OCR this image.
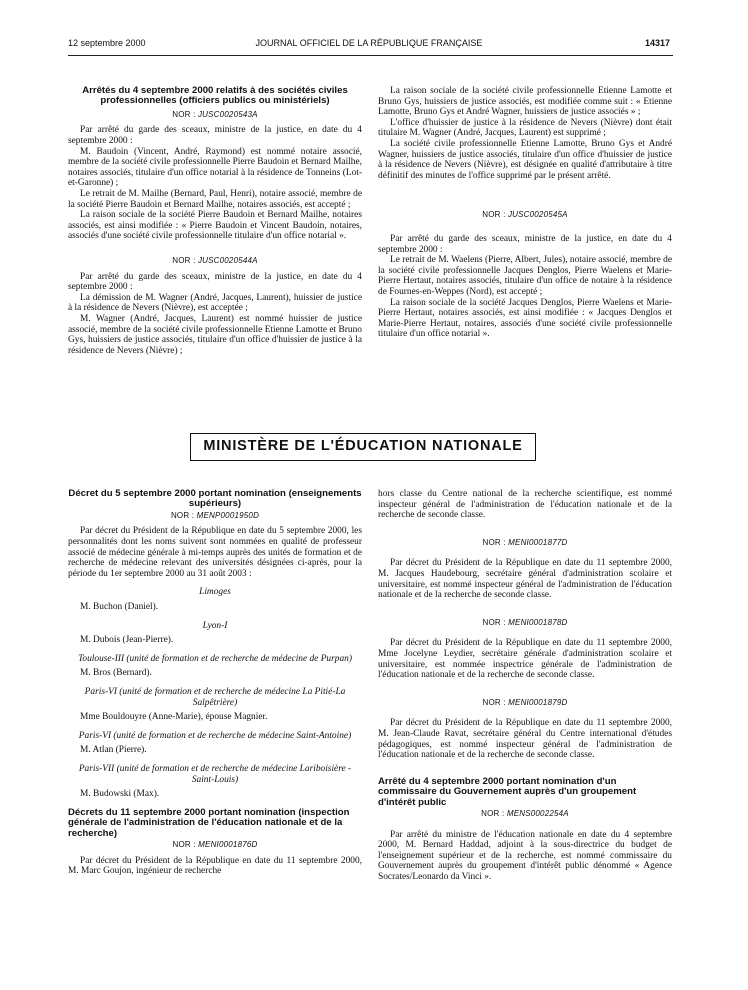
12 septembre 2000	JOURNAL OFFICIEL DE LA RÉPUBLIQUE FRANÇAISE	14317
Arrêtés du 4 septembre 2000 relatifs à des sociétés civiles professionnelles (officiers publics ou ministériels)
NOR : JUSC0020543A

Par arrêté du garde des sceaux, ministre de la justice, en date du 4 septembre 2000 :

M. Baudoin (Vincent, André, Raymond) est nommé notaire associé, membre de la société civile professionnelle Pierre Baudoin et Bernard Mailhe, notaires associés, titulaire d'un office notarial à la résidence de Tonneins (Lot-et-Garonne) ;

Le retrait de M. Mailhe (Bernard, Paul, Henri), notaire associé, membre de la société Pierre Baudoin et Bernard Mailhe, notaires associés, est accepté ;

La raison sociale de la société Pierre Baudoin et Bernard Mailhe, notaires associés, est ainsi modifiée : « Pierre Baudoin et Vincent Baudoin, notaires, associés d'une société civile professionnelle titulaire d'un office notarial ».

NOR : JUSC0020544A

Par arrêté du garde des sceaux, ministre de la justice, en date du 4 septembre 2000 :

La démission de M. Wagner (André, Jacques, Laurent), huissier de justice à la résidence de Nevers (Nièvre), est acceptée ;

M. Wagner (André, Jacques, Laurent) est nommé huissier de justice associé, membre de la société civile professionnelle Etienne Lamotte et Bruno Gys, huissiers de justice associés, titulaire d'un office d'huissier de justice à la résidence de Nevers (Nièvre) ;

La raison sociale de la société civile professionnelle Etienne Lamotte et Bruno Gys, huissiers de justice associés, est modifiée comme suit : « Etienne Lamotte, Bruno Gys et André Wagner, huissiers de justice associés » ;

L'office d'huissier de justice à la résidence de Nevers (Nièvre) dont était titulaire M. Wagner (André, Jacques, Laurent) est supprimé ;

La société civile professionnelle Etienne Lamotte, Bruno Gys et André Wagner, huissiers de justice associés, titulaire d'un office d'huissier de justice à la résidence de Nevers (Nièvre), est désignée en qualité d'attributaire à titre définitif des minutes de l'office supprimé par le présent arrêté.

NOR : JUSC0020545A

Par arrêté du garde des sceaux, ministre de la justice, en date du 4 septembre 2000 :

Le retrait de M. Waelens (Pierre, Albert, Jules), notaire associé, membre de la société civile professionnelle Jacques Denglos, Pierre Waelens et Marie-Pierre Hertaut, notaires associés, titulaire d'un office de notaire à la résidence de Fournes-en-Weppes (Nord), est accepté ;

La raison sociale de la société Jacques Denglos, Pierre Waelens et Marie-Pierre Hertaut, notaires associés, est ainsi modifiée : « Jacques Denglos et Marie-Pierre Hertaut, notaires, associés d'une société civile professionnelle titulaire d'un office notarial ».

MINISTÈRE DE L'ÉDUCATION NATIONALE
Décret du 5 septembre 2000 portant nomination (enseignements supérieurs)
NOR : MENP0001950D

Par décret du Président de la République en date du 5 septembre 2000, les personnalités dont les noms suivent sont nommées en qualité de professeur associé de médecine générale à mi-temps auprès des unités de formation et de recherche de médecine relevant des universités désignées ci-après, pour la période du 1er septembre 2000 au 31 août 2003 :

Limoges

M. Buchon (Daniel).

Lyon-I

M. Dubois (Jean-Pierre).

Toulouse-III (unité de formation et de recherche de médecine de Purpan)

M. Bros (Bernard).

Paris-VI (unité de formation et de recherche de médecine La Pitié-La Salpêtrière)

Mme Bouldouyre (Anne-Marie), épouse Magnier.

Paris-VI (unité de formation et de recherche de médecine Saint-Antoine)

M. Atlan (Pierre).

Paris-VII (unité de formation et de recherche de médecine Lariboisière - Saint-Louis)

M. Budowski (Max).

Décrets du 11 septembre 2000 portant nomination (inspection générale de l'administration de l'éducation nationale et de la recherche)
NOR : MENI0001876D

Par décret du Président de la République en date du 11 septembre 2000, M. Marc Goujon, ingénieur de recherche

hors classe du Centre national de la recherche scientifique, est nommé inspecteur général de l'administration de l'éducation nationale et de la recherche de seconde classe.

NOR : MENI0001877D

Par décret du Président de la République en date du 11 septembre 2000, M. Jacques Haudebourg, secrétaire général d'administration scolaire et universitaire, est nommé inspecteur général de l'administration de l'éducation nationale et de la recherche de seconde classe.

NOR : MENI0001878D

Par décret du Président de la République en date du 11 septembre 2000, Mme Jocelyne Leydier, secrétaire générale d'administration scolaire et universitaire, est nommée inspectrice générale de l'administration de l'éducation nationale et de la recherche de seconde classe.

NOR : MENI0001879D

Par décret du Président de la République en date du 11 septembre 2000, M. Jean-Claude Ravat, secrétaire général du Centre international d'études pédagogiques, est nommé inspecteur général de l'administration de l'éducation nationale et de la recherche de seconde classe.

Arrêté du 4 septembre 2000 portant nomination d'un commissaire du Gouvernement auprès d'un groupement d'intérêt public
NOR : MENS0002254A

Par arrêté du ministre de l'éducation nationale en date du 4 septembre 2000, M. Bernard Haddad, adjoint à la sous-directrice du budget de l'enseignement supérieur et de la recherche, est nommé commissaire du Gouvernement auprès du groupement d'intérêt public dénommé « Agence Socrates/Leonardo da Vinci ».
